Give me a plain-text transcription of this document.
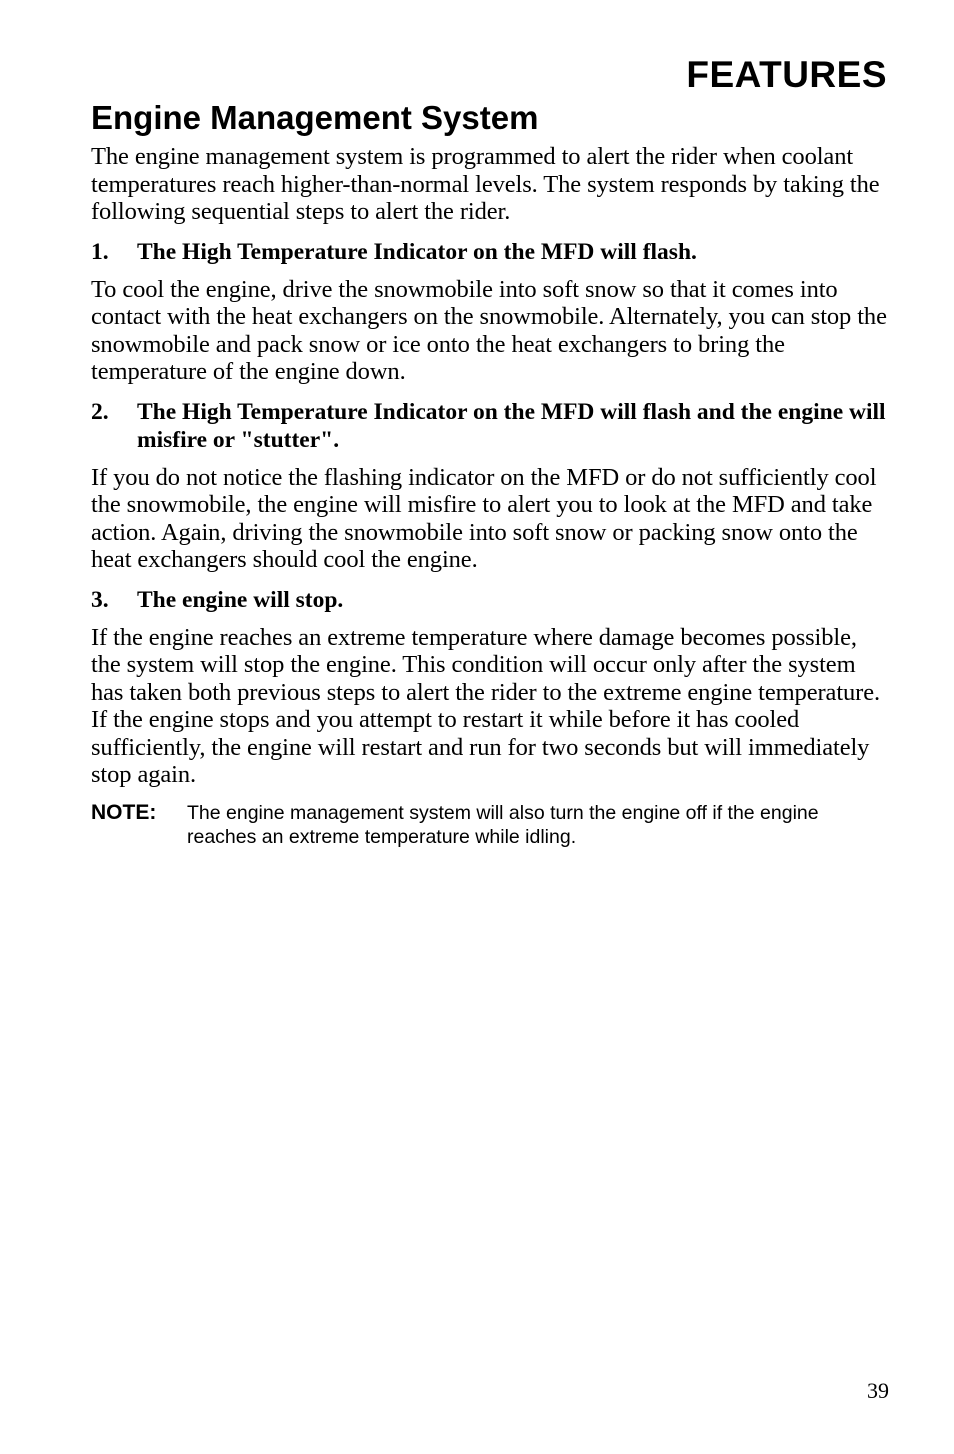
FEATURES
Engine Management System

The engine management system is programmed to alert the rider when coolant temperatures reach higher-than-normal levels. The system responds by taking the following sequential steps to alert the rider.

1.	The High Temperature Indicator on the MFD will flash.

To cool the engine, drive the snowmobile into soft snow so that it comes into contact with the heat exchangers on the snowmobile. Alternately, you can stop the snowmobile and pack snow or ice onto the heat exchangers to bring the temperature of the engine down.

2.	The High Temperature Indicator on the MFD will flash and the engine will misfire or "stutter".

If you do not notice the flashing indicator on the MFD or do not sufficiently cool the snowmobile, the engine will misfire to alert you to look at the MFD and take action. Again, driving the snowmobile into soft snow or packing snow onto the heat exchangers should cool the engine.

3.	The engine will stop.

If the engine reaches an extreme temperature where damage becomes possible, the system will stop the engine. This condition will occur only after the system has taken both previous steps to alert the rider to the extreme engine temperature. If the engine stops and you attempt to restart it while before it has cooled sufficiently, the engine will restart and run for two seconds but will immediately stop again.

NOTE:	The engine management system will also turn the engine off if the engine reaches an extreme temperature while idling.

39
